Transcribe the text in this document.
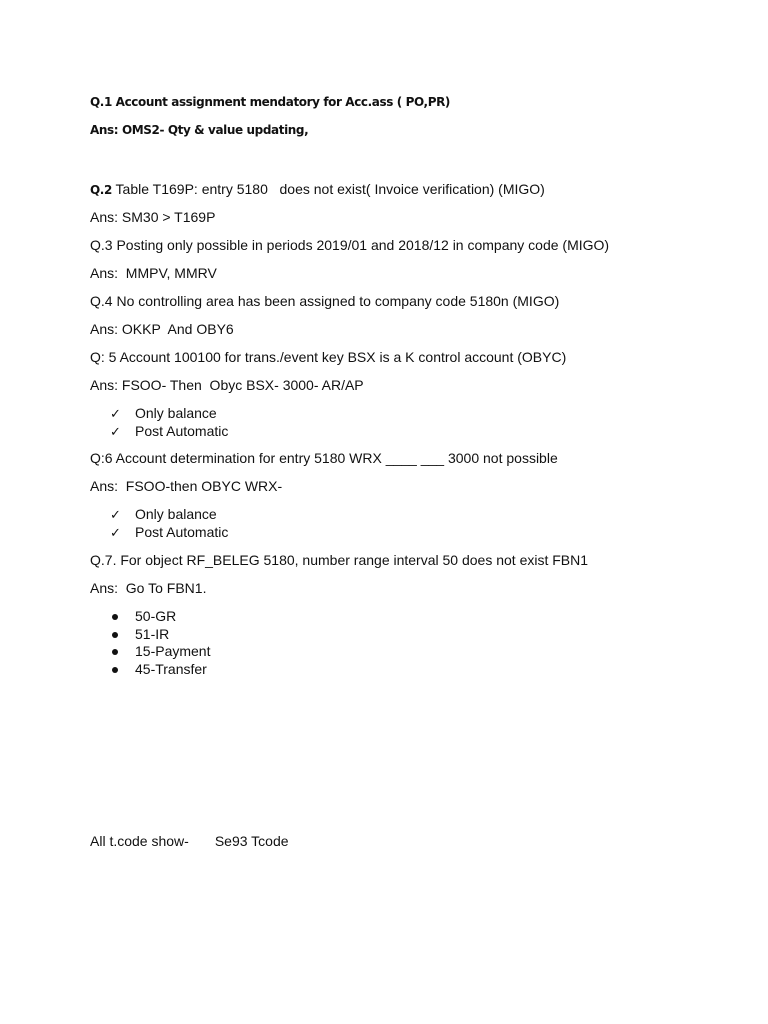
Q.1 Account assignment mendatory for Acc.ass ( PO,PR)
Ans: OMS2- Qty & value updating,
Q.2 Table T169P: entry 5180   does not exist( Invoice verification) (MIGO)
Ans: SM30 > T169P
Q.3 Posting only possible in periods 2019/01 and 2018/12 in company code (MIGO)
Ans:  MMPV, MMRV
Q.4 No controlling area has been assigned to company code 5180n (MIGO)
Ans: OKKP  And OBY6
Q: 5 Account 100100 for trans./event key BSX is a K control account (OBYC)
Ans: FSOO- Then  Obyc BSX- 3000- AR/AP
✓ Only balance
✓ Post Automatic
Q:6 Account determination for entry 5180 WRX ____ ___ 3000 not possible
Ans:  FSOO-then OBYC WRX-
✓ Only balance
✓ Post Automatic
Q.7. For object RF_BELEG 5180, number range interval 50 does not exist FBN1
Ans:  Go To FBN1.
50-GR
51-IR
15-Payment
45-Transfer
All t.code show- Se93 Tcode
